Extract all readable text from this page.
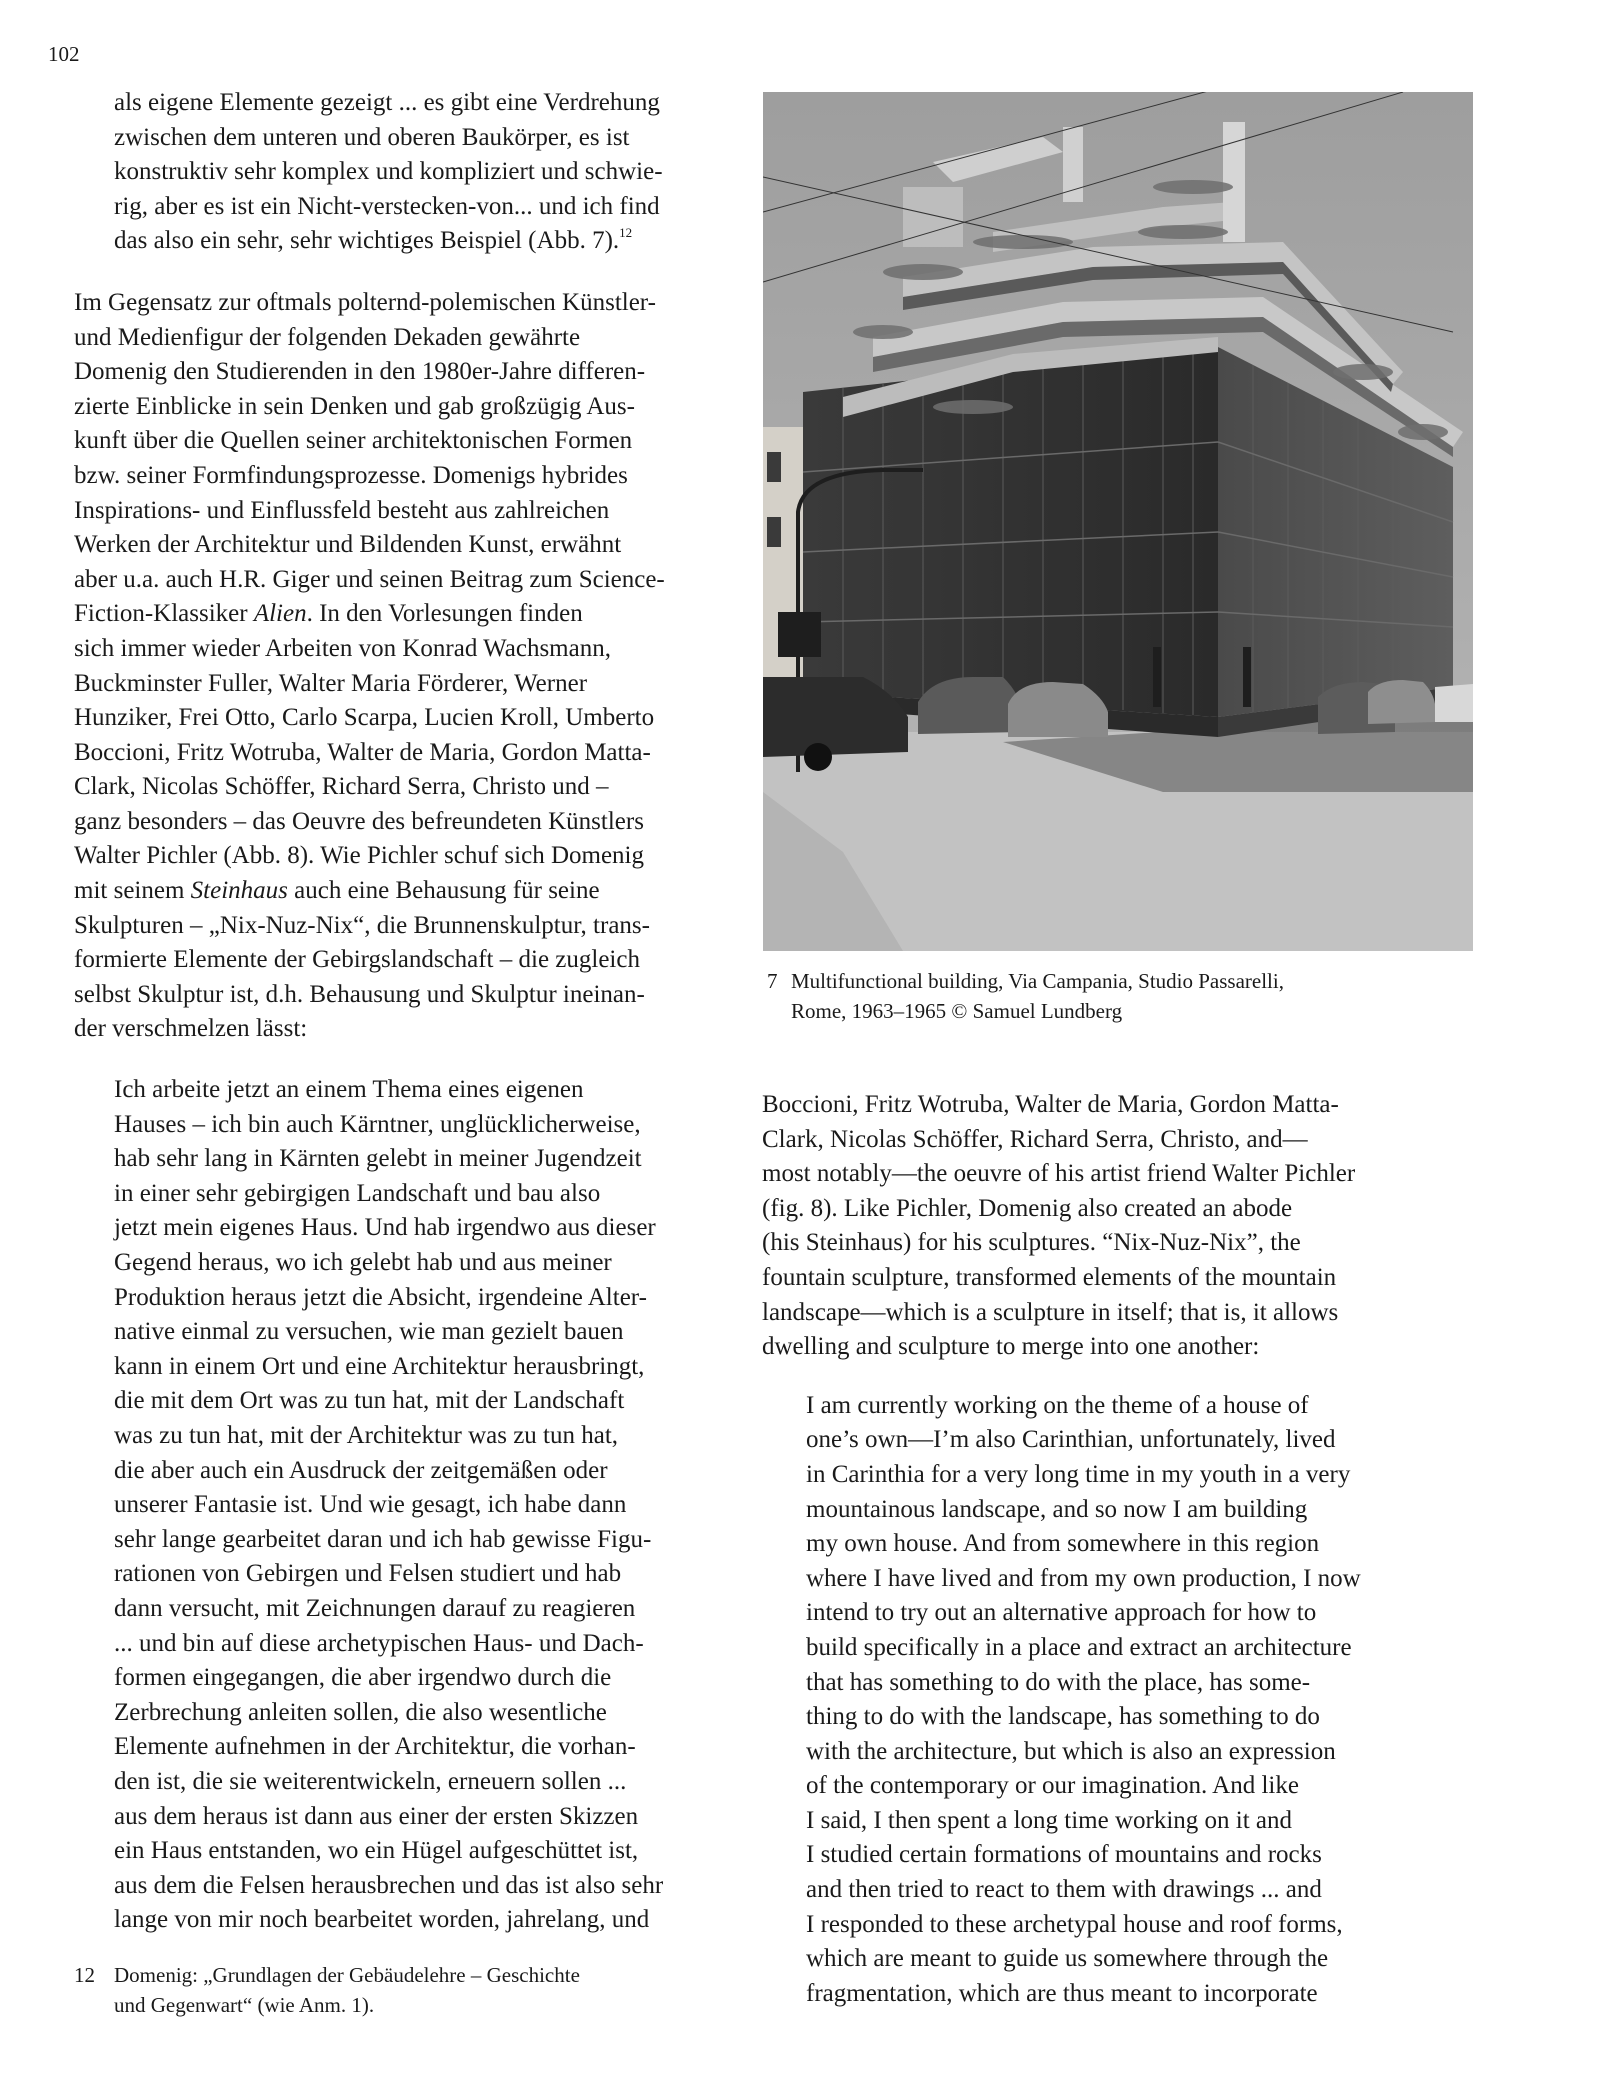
102

als eigene Elemente gezeigt ... es gibt eine Verdrehung
zwischen dem unteren und oberen Baukörper, es ist
konstruktiv sehr komplex und kompliziert und schwie-
rig, aber es ist ein Nicht-verstecken-von... und ich find
das also ein sehr, sehr wichtiges Beispiel (Abb. 7).$^{12}$

Im Gegensatz zur oftmals polternd-polemischen Künstler-
und Medienfigur der folgenden Dekaden gewährte
Domenig den Studierenden in den 1980er-Jahre differen-
zierte Einblicke in sein Denken und gab großzügig Aus-
kunft über die Quellen seiner architektonischen Formen
bzw. seiner Formfindungsprozesse. Domenigs hybrides
Inspirations- und Einflussfeld besteht aus zahlreichen
Werken der Architektur und Bildenden Kunst, erwähnt
aber u.a. auch H.R. Giger und seinen Beitrag zum Science-
Fiction-Klassiker Alien. In den Vorlesungen finden
sich immer wieder Arbeiten von Konrad Wachsmann,
Buckminster Fuller, Walter Maria Förderer, Werner
Hunziker, Frei Otto, Carlo Scarpa, Lucien Kroll, Umberto
Boccioni, Fritz Wotruba, Walter de Maria, Gordon Matta-
Clark, Nicolas Schöffer, Richard Serra, Christo und –
ganz besonders – das Oeuvre des befreundeten Künstlers
Walter Pichler (Abb. 8). Wie Pichler schuf sich Domenig
mit seinem Steinhaus auch eine Behausung für seine
Skulpturen – „Nix-Nuz-Nix“, die Brunnenskulptur, trans-
formierte Elemente der Gebirgslandschaft – die zugleich
selbst Skulptur ist, d.h. Behausung und Skulptur ineinan-
der verschmelzen lässt:

Ich arbeite jetzt an einem Thema eines eigenen
Hauses – ich bin auch Kärntner, unglücklicherweise,
hab sehr lang in Kärnten gelebt in meiner Jugendzeit
in einer sehr gebirgigen Landschaft und bau also
jetzt mein eigenes Haus. Und hab irgendwo aus dieser
Gegend heraus, wo ich gelebt hab und aus meiner
Produktion heraus jetzt die Absicht, irgendeine Alter-
native einmal zu versuchen, wie man gezielt bauen
kann in einem Ort und eine Architektur herausbringt,
die mit dem Ort was zu tun hat, mit der Landschaft
was zu tun hat, mit der Architektur was zu tun hat,
die aber auch ein Ausdruck der zeitgemäßen oder
unserer Fantasie ist. Und wie gesagt, ich habe dann
sehr lange gearbeitet daran und ich hab gewisse Figu-
rationen von Gebirgen und Felsen studiert und hab
dann versucht, mit Zeichnungen darauf zu reagieren
... und bin auf diese archetypischen Haus- und Dach-
formen eingegangen, die aber irgendwo durch die
Zerbrechung anleiten sollen, die also wesentliche
Elemente aufnehmen in der Architektur, die vorhan-
den ist, die sie weiterentwickeln, erneuern sollen ...
aus dem heraus ist dann aus einer der ersten Skizzen
ein Haus entstanden, wo ein Hügel aufgeschüttet ist,
aus dem die Felsen herausbrechen und das ist also sehr
lange von mir noch bearbeitet worden, jahrelang, und

12 Domenig: „Grundlagen der Gebäudelehre – Geschichte
und Gegenwart“ (wie Anm. 1).
7 Multifunctional building, Via Campania, Studio Passarelli,
Rome, 1963–1965 © Samuel Lundberg

Boccioni, Fritz Wotruba, Walter de Maria, Gordon Matta-
Clark, Nicolas Schöffer, Richard Serra, Christo, and—
most notably—the oeuvre of his artist friend Walter Pichler
(fig. 8). Like Pichler, Domenig also created an abode
(his Steinhaus) for his sculptures. “Nix-Nuz-Nix”, the
fountain sculpture, transformed elements of the mountain
landscape—which is a sculpture in itself; that is, it allows
dwelling and sculpture to merge into one another:

I am currently working on the theme of a house of
one’s own—I’m also Carinthian, unfortunately, lived
in Carinthia for a very long time in my youth in a very
mountainous landscape, and so now I am building
my own house. And from somewhere in this region
where I have lived and from my own production, I now
intend to try out an alternative approach for how to
build specifically in a place and extract an architecture
that has something to do with the place, has some-
thing to do with the landscape, has something to do
with the architecture, but which is also an expression
of the contemporary or our imagination. And like
I said, I then spent a long time working on it and
I studied certain formations of mountains and rocks
and then tried to react to them with drawings ... and
I responded to these archetypal house and roof forms,
which are meant to guide us somewhere through the
fragmentation, which are thus meant to incorporate
